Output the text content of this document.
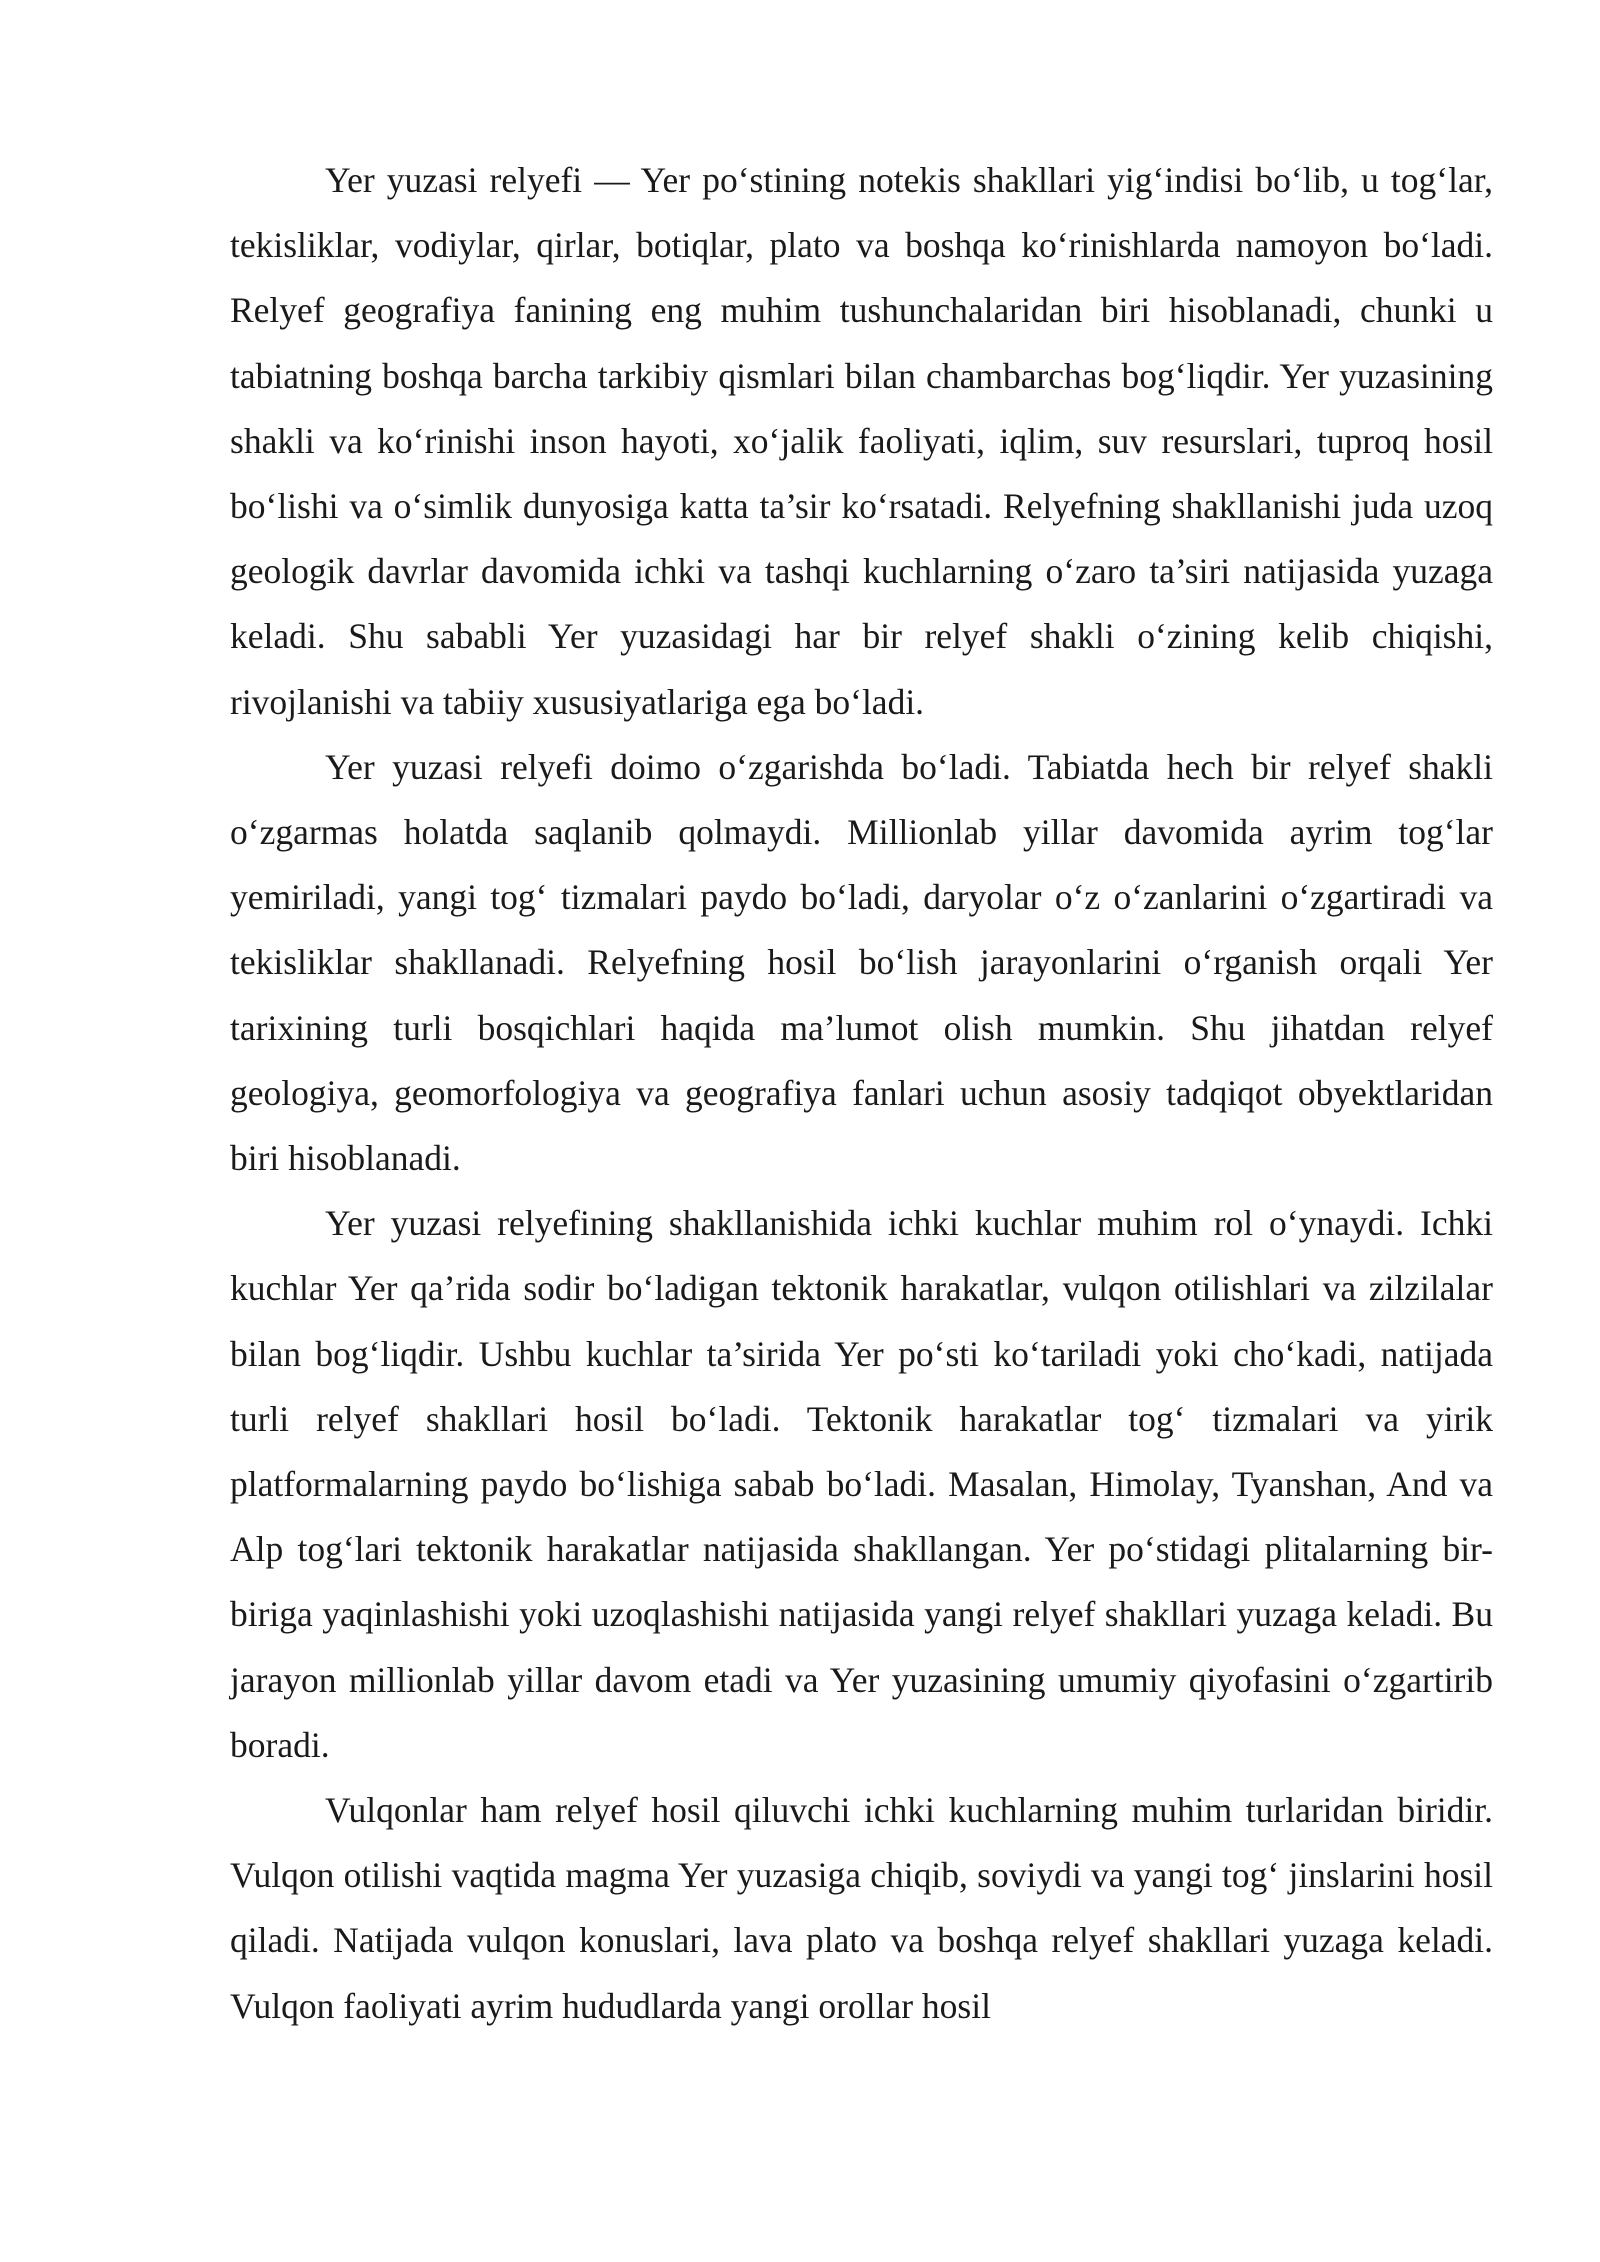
Yer yuzasi relyefi — Yer po‘stining notekis shakllari yig‘indisi bo‘lib, u tog‘lar, tekisliklar, vodiylar, qirlar, botiqlar, plato va boshqa ko‘rinishlarda namoyon bo‘ladi. Relyef geografiya fanining eng muhim tushunchalaridan biri hisoblanadi, chunki u tabiatning boshqa barcha tarkibiy qismlari bilan chambarchas bog‘liqdir. Yer yuzasining shakli va ko‘rinishi inson hayoti, xo‘jalik faoliyati, iqlim, suv resurslari, tuproq hosil bo‘lishi va o‘simlik dunyosiga katta ta’sir ko‘rsatadi. Relyefning shakllanishi juda uzoq geologik davrlar davomida ichki va tashqi kuchlarning o‘zaro ta’siri natijasida yuzaga keladi. Shu sababli Yer yuzasidagi har bir relyef shakli o‘zining kelib chiqishi, rivojlanishi va tabiiy xususiyatlariga ega bo‘ladi.

Yer yuzasi relyefi doimo o‘zgarishda bo‘ladi. Tabiatda hech bir relyef shakli o‘zgarmas holatda saqlanib qolmaydi. Millionlab yillar davomida ayrim tog‘lar yemiriladi, yangi tog‘ tizmalari paydo bo‘ladi, daryolar o‘z o‘zanlarini o‘zgartiradi va tekisliklar shakllanadi. Relyefning hosil bo‘lish jarayonlarini o‘rganish orqali Yer tarixining turli bosqichlari haqida ma’lumot olish mumkin. Shu jihatdan relyef geologiya, geomorfologiya va geografiya fanlari uchun asosiy tadqiqot obyektlaridan biri hisoblanadi.

Yer yuzasi relyefining shakllanishida ichki kuchlar muhim rol o‘ynaydi. Ichki kuchlar Yer qa’rida sodir bo‘ladigan tektonik harakatlar, vulqon otilishlari va zilzilalar bilan bog‘liqdir. Ushbu kuchlar ta’sirida Yer po‘sti ko‘tariladi yoki cho‘kadi, natijada turli relyef shakllari hosil bo‘ladi. Tektonik harakatlar tog‘ tizmalari va yirik platformalarning paydo bo‘lishiga sabab bo‘ladi. Masalan, Himolay, Tyanshan, And va Alp tog‘lari tektonik harakatlar natijasida shakllangan. Yer po‘stidagi plitalarning bir-biriga yaqinlashishi yoki uzoqlashishi natijasida yangi relyef shakllari yuzaga keladi. Bu jarayon millionlab yillar davom etadi va Yer yuzasining umumiy qiyofasini o‘zgartirib boradi.

Vulqonlar ham relyef hosil qiluvchi ichki kuchlarning muhim turlaridan biridir. Vulqon otilishi vaqtida magma Yer yuzasiga chiqib, soviydi va yangi tog‘ jinslarini hosil qiladi. Natijada vulqon konuslari, lava plato va boshqa relyef shakllari yuzaga keladi. Vulqon faoliyati ayrim hududlarda yangi orollar hosil
